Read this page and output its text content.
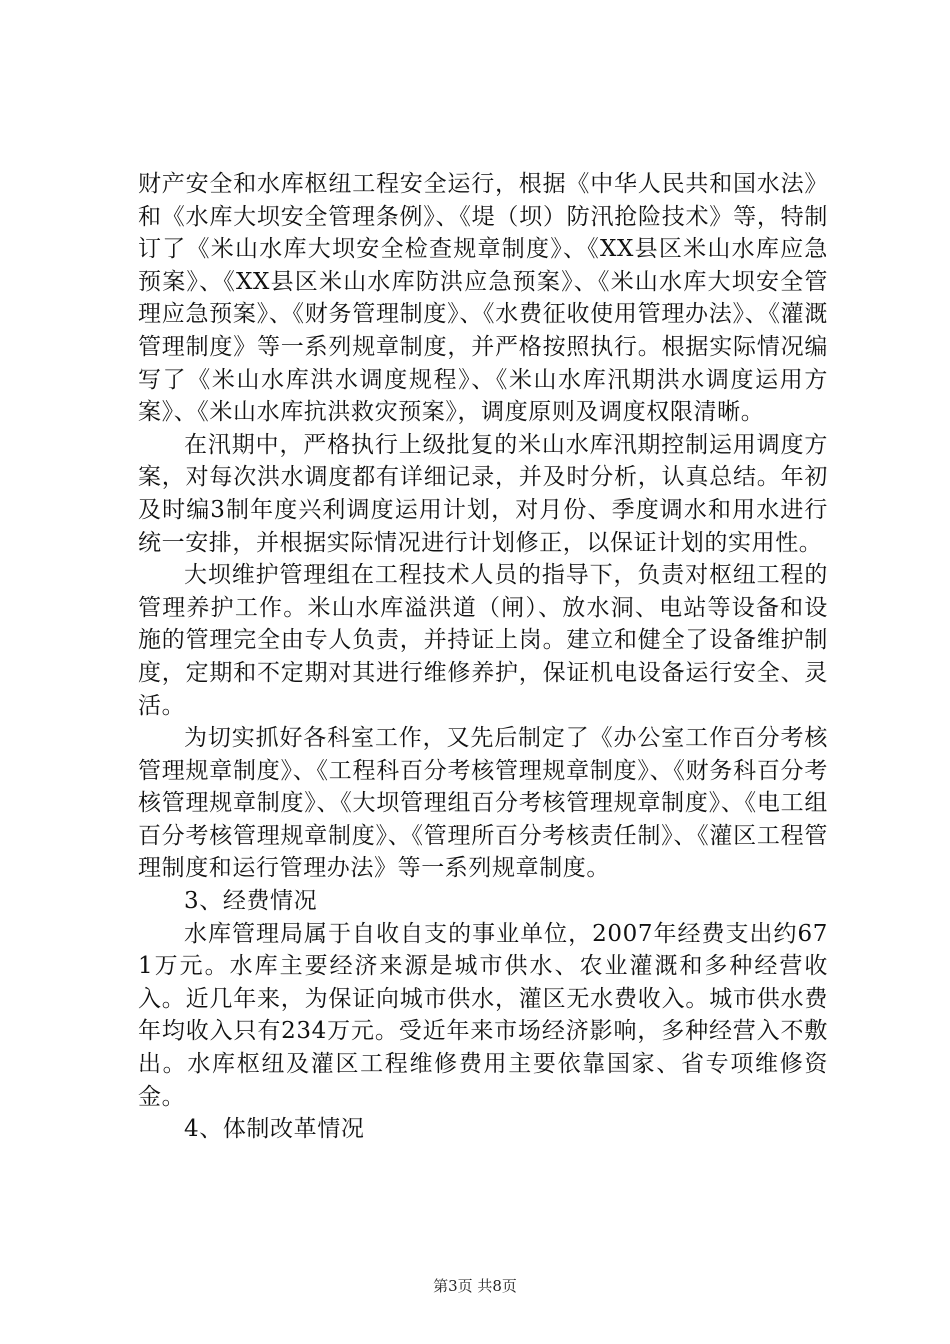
财产安全和水库枢纽工程安全运行，根据《中华人民共和国水法》和《水库大坝安全管理条例》、《堤（坝）防汛抢险技术》等，特制订了《米山水库大坝安全检查规章制度》、《XX县区米山水库应急预案》、《XX县区米山水库防洪应急预案》、《米山水库大坝安全管理应急预案》、《财务管理制度》、《水费征收使用管理办法》、《灌溉管理制度》等一系列规章制度，并严格按照执行。根据实际情况编写了《米山水库洪水调度规程》、《米山水库汛期洪水调度运用方案》、《米山水库抗洪救灾预案》，调度原则及调度权限清晰。

在汛期中，严格执行上级批复的米山水库汛期控制运用调度方案，对每次洪水调度都有详细记录，并及时分析，认真总结。年初及时编3制年度兴利调度运用计划，对月份、季度调水和用水进行统一安排，并根据实际情况进行计划修正，以保证计划的实用性。

大坝维护管理组在工程技术人员的指导下，负责对枢纽工程的管理养护工作。米山水库溢洪道（闸）、放水洞、电站等设备和设施的管理完全由专人负责，并持证上岗。建立和健全了设备维护制度，定期和不定期对其进行维修养护，保证机电设备运行安全、灵活。

为切实抓好各科室工作，又先后制定了《办公室工作百分考核管理规章制度》、《工程科百分考核管理规章制度》、《财务科百分考核管理规章制度》、《大坝管理组百分考核管理规章制度》、《电工组百分考核管理规章制度》、《管理所百分考核责任制》、《灌区工程管理制度和运行管理办法》等一系列规章制度。

3、经费情况

水库管理局属于自收自支的事业单位，2007年经费支出约671万元。水库主要经济来源是城市供水、农业灌溉和多种经营收入。近几年来，为保证向城市供水，灌区无水费收入。城市供水费年均收入只有234万元。受近年来市场经济影响，多种经营入不敷出。水库枢纽及灌区工程维修费用主要依靠国家、省专项维修资金。

4、体制改革情况

第3页 共8页
